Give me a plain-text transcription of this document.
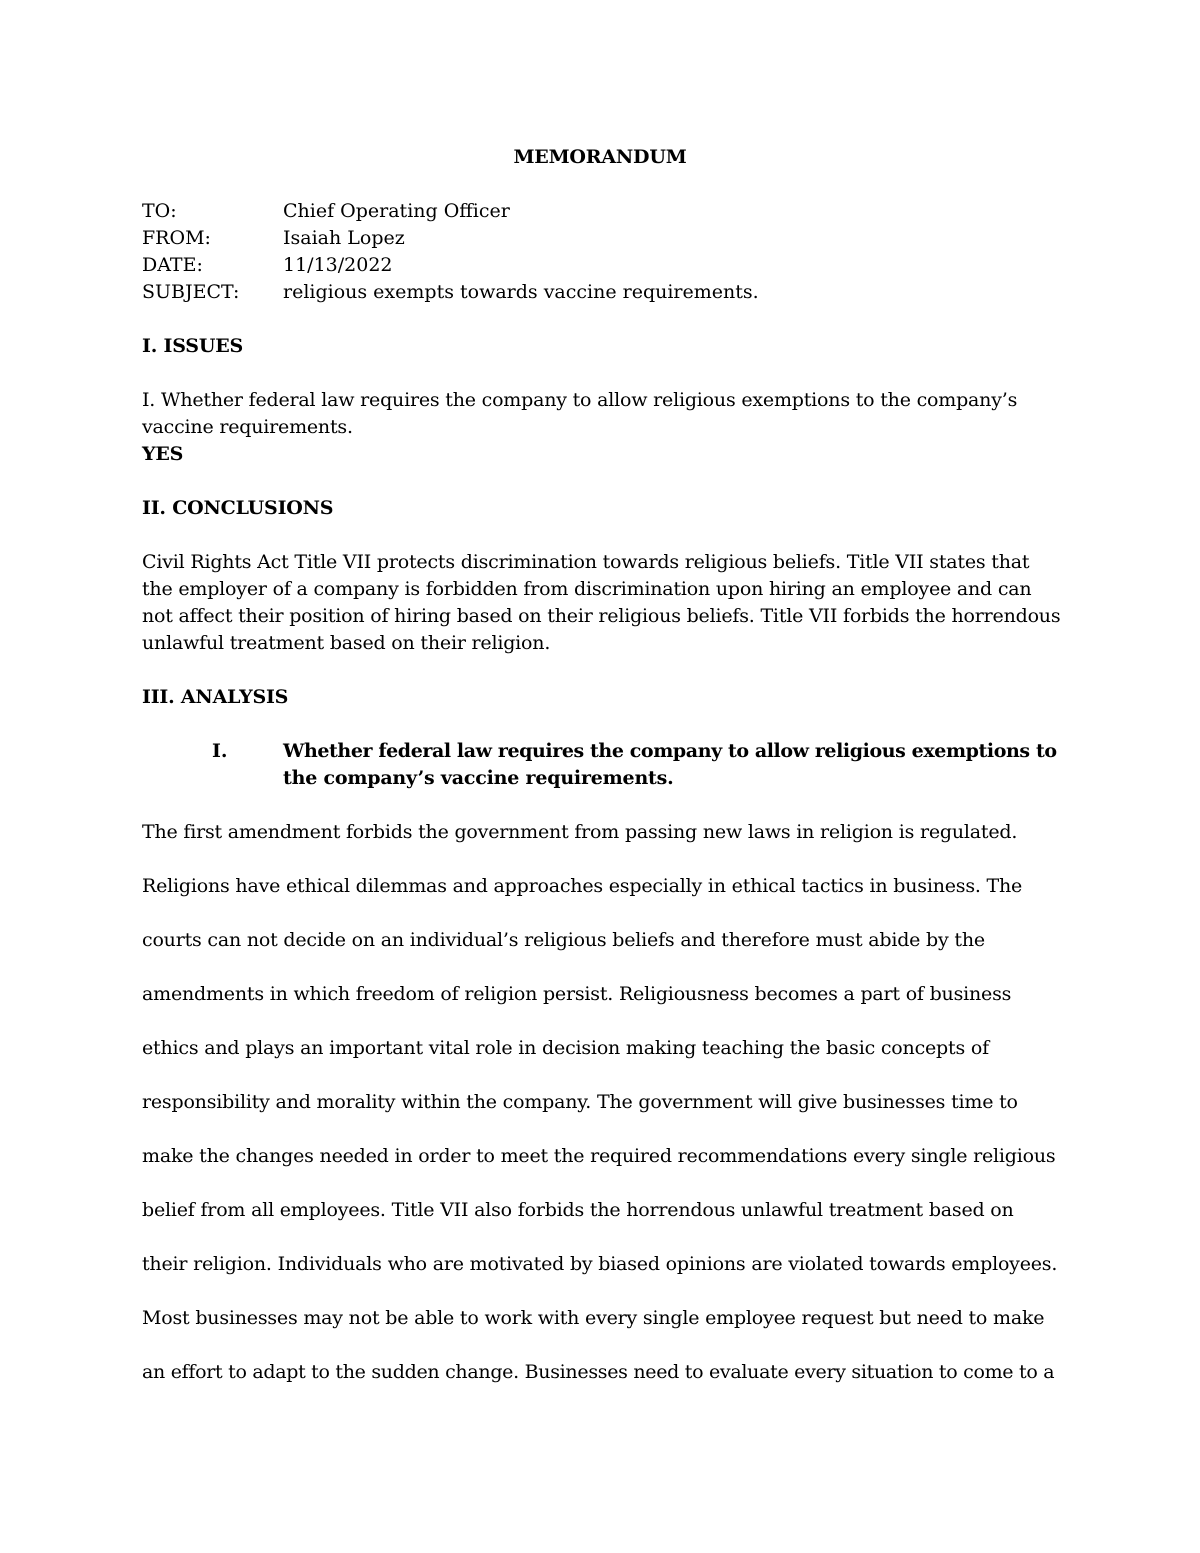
MEMORANDUM
TO:	Chief Operating Officer
FROM:	Isaiah Lopez
DATE:	11/13/2022
SUBJECT: religious exempts towards vaccine requirements.
I. ISSUES
I. Whether federal law requires the company to allow religious exemptions to the company’s
vaccine requirements.
YES
II. CONCLUSIONS
Civil Rights Act Title VII protects discrimination towards religious beliefs. Title VII states that
the employer of a company is forbidden from discrimination upon hiring an employee and can
not affect their position of hiring based on their religious beliefs. Title VII forbids the horrendous
unlawful treatment based on their religion.
III. ANALYSIS
I.	Whether federal law requires the company to allow religious exemptions to
the company’s vaccine requirements.
The first amendment forbids the government from passing new laws in religion is regulated.
Religions have ethical dilemmas and approaches especially in ethical tactics in business. The
courts can not decide on an individual’s religious beliefs and therefore must abide by the
amendments in which freedom of religion persist. Religiousness becomes a part of business
ethics and plays an important vital role in decision making teaching the basic concepts of
responsibility and morality within the company. The government will give businesses time to
make the changes needed in order to meet the required recommendations every single religious
belief from all employees. Title VII also forbids the horrendous unlawful treatment based on
their religion. Individuals who are motivated by biased opinions are violated towards employees.
Most businesses may not be able to work with every single employee request but need to make
an effort to adapt to the sudden change. Businesses need to evaluate every situation to come to a
